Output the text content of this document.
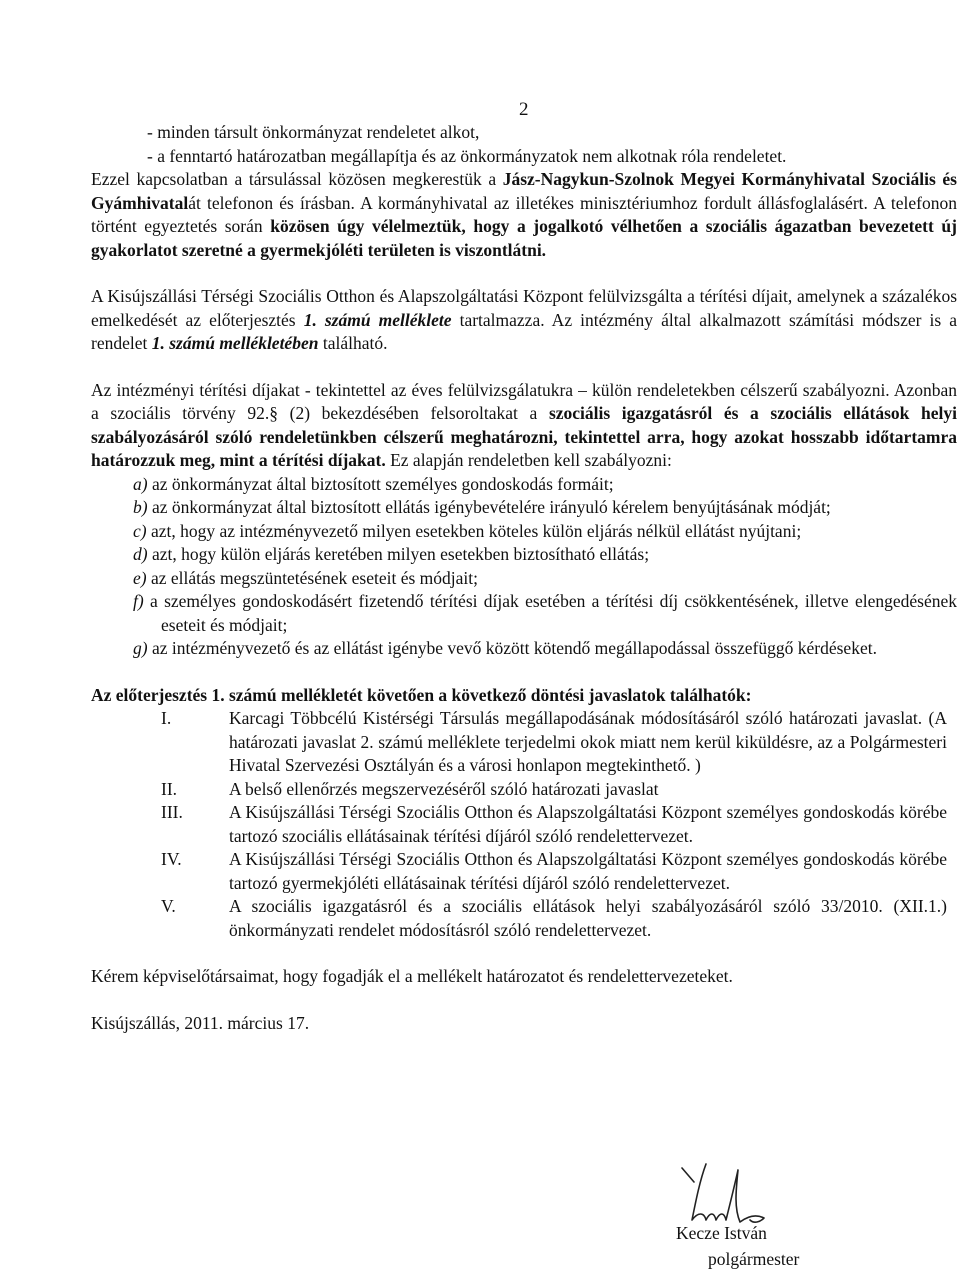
2

- minden társult önkormányzat rendeletet alkot,

- a fenntartó határozatban megállapítja és az önkormányzatok nem alkotnak róla rendeletet.

Ezzel kapcsolatban a társulással közösen megkerestük a Jász-Nagykun-Szolnok Megyei Kormányhivatal Szociális és Gyámhivatalát telefonon és írásban. A kormányhivatal az illetékes minisztériumhoz fordult állásfoglalásért. A telefonon történt egyeztetés során közösen úgy vélelmeztük, hogy a jogalkotó vélhetően a szociális ágazatban bevezetett új gyakorlatot szeretné a gyermekjóléti területen is viszontlátni.

A Kisújszállási Térségi Szociális Otthon és Alapszolgáltatási Központ felülvizsgálta a térítési díjait, amelynek a százalékos emelkedését az előterjesztés 1. számú melléklete tartalmazza. Az intézmény által alkalmazott számítási módszer is a rendelet 1. számú mellékletében található.

Az intézményi térítési díjakat - tekintettel az éves felülvizsgálatukra – külön rendeletekben célszerű szabályozni. Azonban a szociális törvény 92.§ (2) bekezdésében felsoroltakat a szociális igazgatásról és a szociális ellátások helyi szabályozásáról szóló rendeletünkben célszerű meghatározni, tekintettel arra, hogy azokat hosszabb időtartamra határozzuk meg, mint a térítési díjakat. Ez alapján rendeletben kell szabályozni:

a) az önkormányzat által biztosított személyes gondoskodás formáit;
b) az önkormányzat által biztosított ellátás igénybevételére irányuló kérelem benyújtásának módját;
c) azt, hogy az intézményvezető milyen esetekben köteles külön eljárás nélkül ellátást nyújtani;
d) azt, hogy külön eljárás keretében milyen esetekben biztosítható ellátás;
e) az ellátás megszüntetésének eseteit és módjait;
f) a személyes gondoskodásért fizetendő térítési díjak esetében a térítési díj csökkentésének, illetve elengedésének eseteit és módjait;
g) az intézményvezető és az ellátást igénybe vevő között kötendő megállapodással összefüggő kérdéseket.

Az előterjesztés 1. számú mellékletét követően a következő döntési javaslatok találhatók:

I.	Karcagi Többcélú Kistérségi Társulás megállapodásának módosításáról szóló határozati javaslat. (A határozati javaslat 2. számú melléklete terjedelmi okok miatt nem kerül kiküldésre, az a Polgármesteri Hivatal Szervezési Osztályán és a városi honlapon megtekinthető. )
II.	A belső ellenőrzés megszervezéséről szóló határozati javaslat
III.	A Kisújszállási Térségi Szociális Otthon és Alapszolgáltatási Központ személyes gondoskodás körébe tartozó szociális ellátásainak térítési díjáról szóló rendelettervezet.
IV.	A Kisújszállási Térségi Szociális Otthon és Alapszolgáltatási Központ személyes gondoskodás körébe tartozó gyermekjóléti ellátásainak térítési díjáról szóló rendelettervezet.
V.	A szociális igazgatásról és a szociális ellátások helyi szabályozásáról szóló 33/2010. (XII.1.) önkormányzati rendelet módosításról szóló rendelettervezet.

Kérem képviselőtársaimat, hogy fogadják el a mellékelt határozatot és rendelettervezeteket.

Kisújszállás, 2011. március 17.

Kecze István
polgármester
